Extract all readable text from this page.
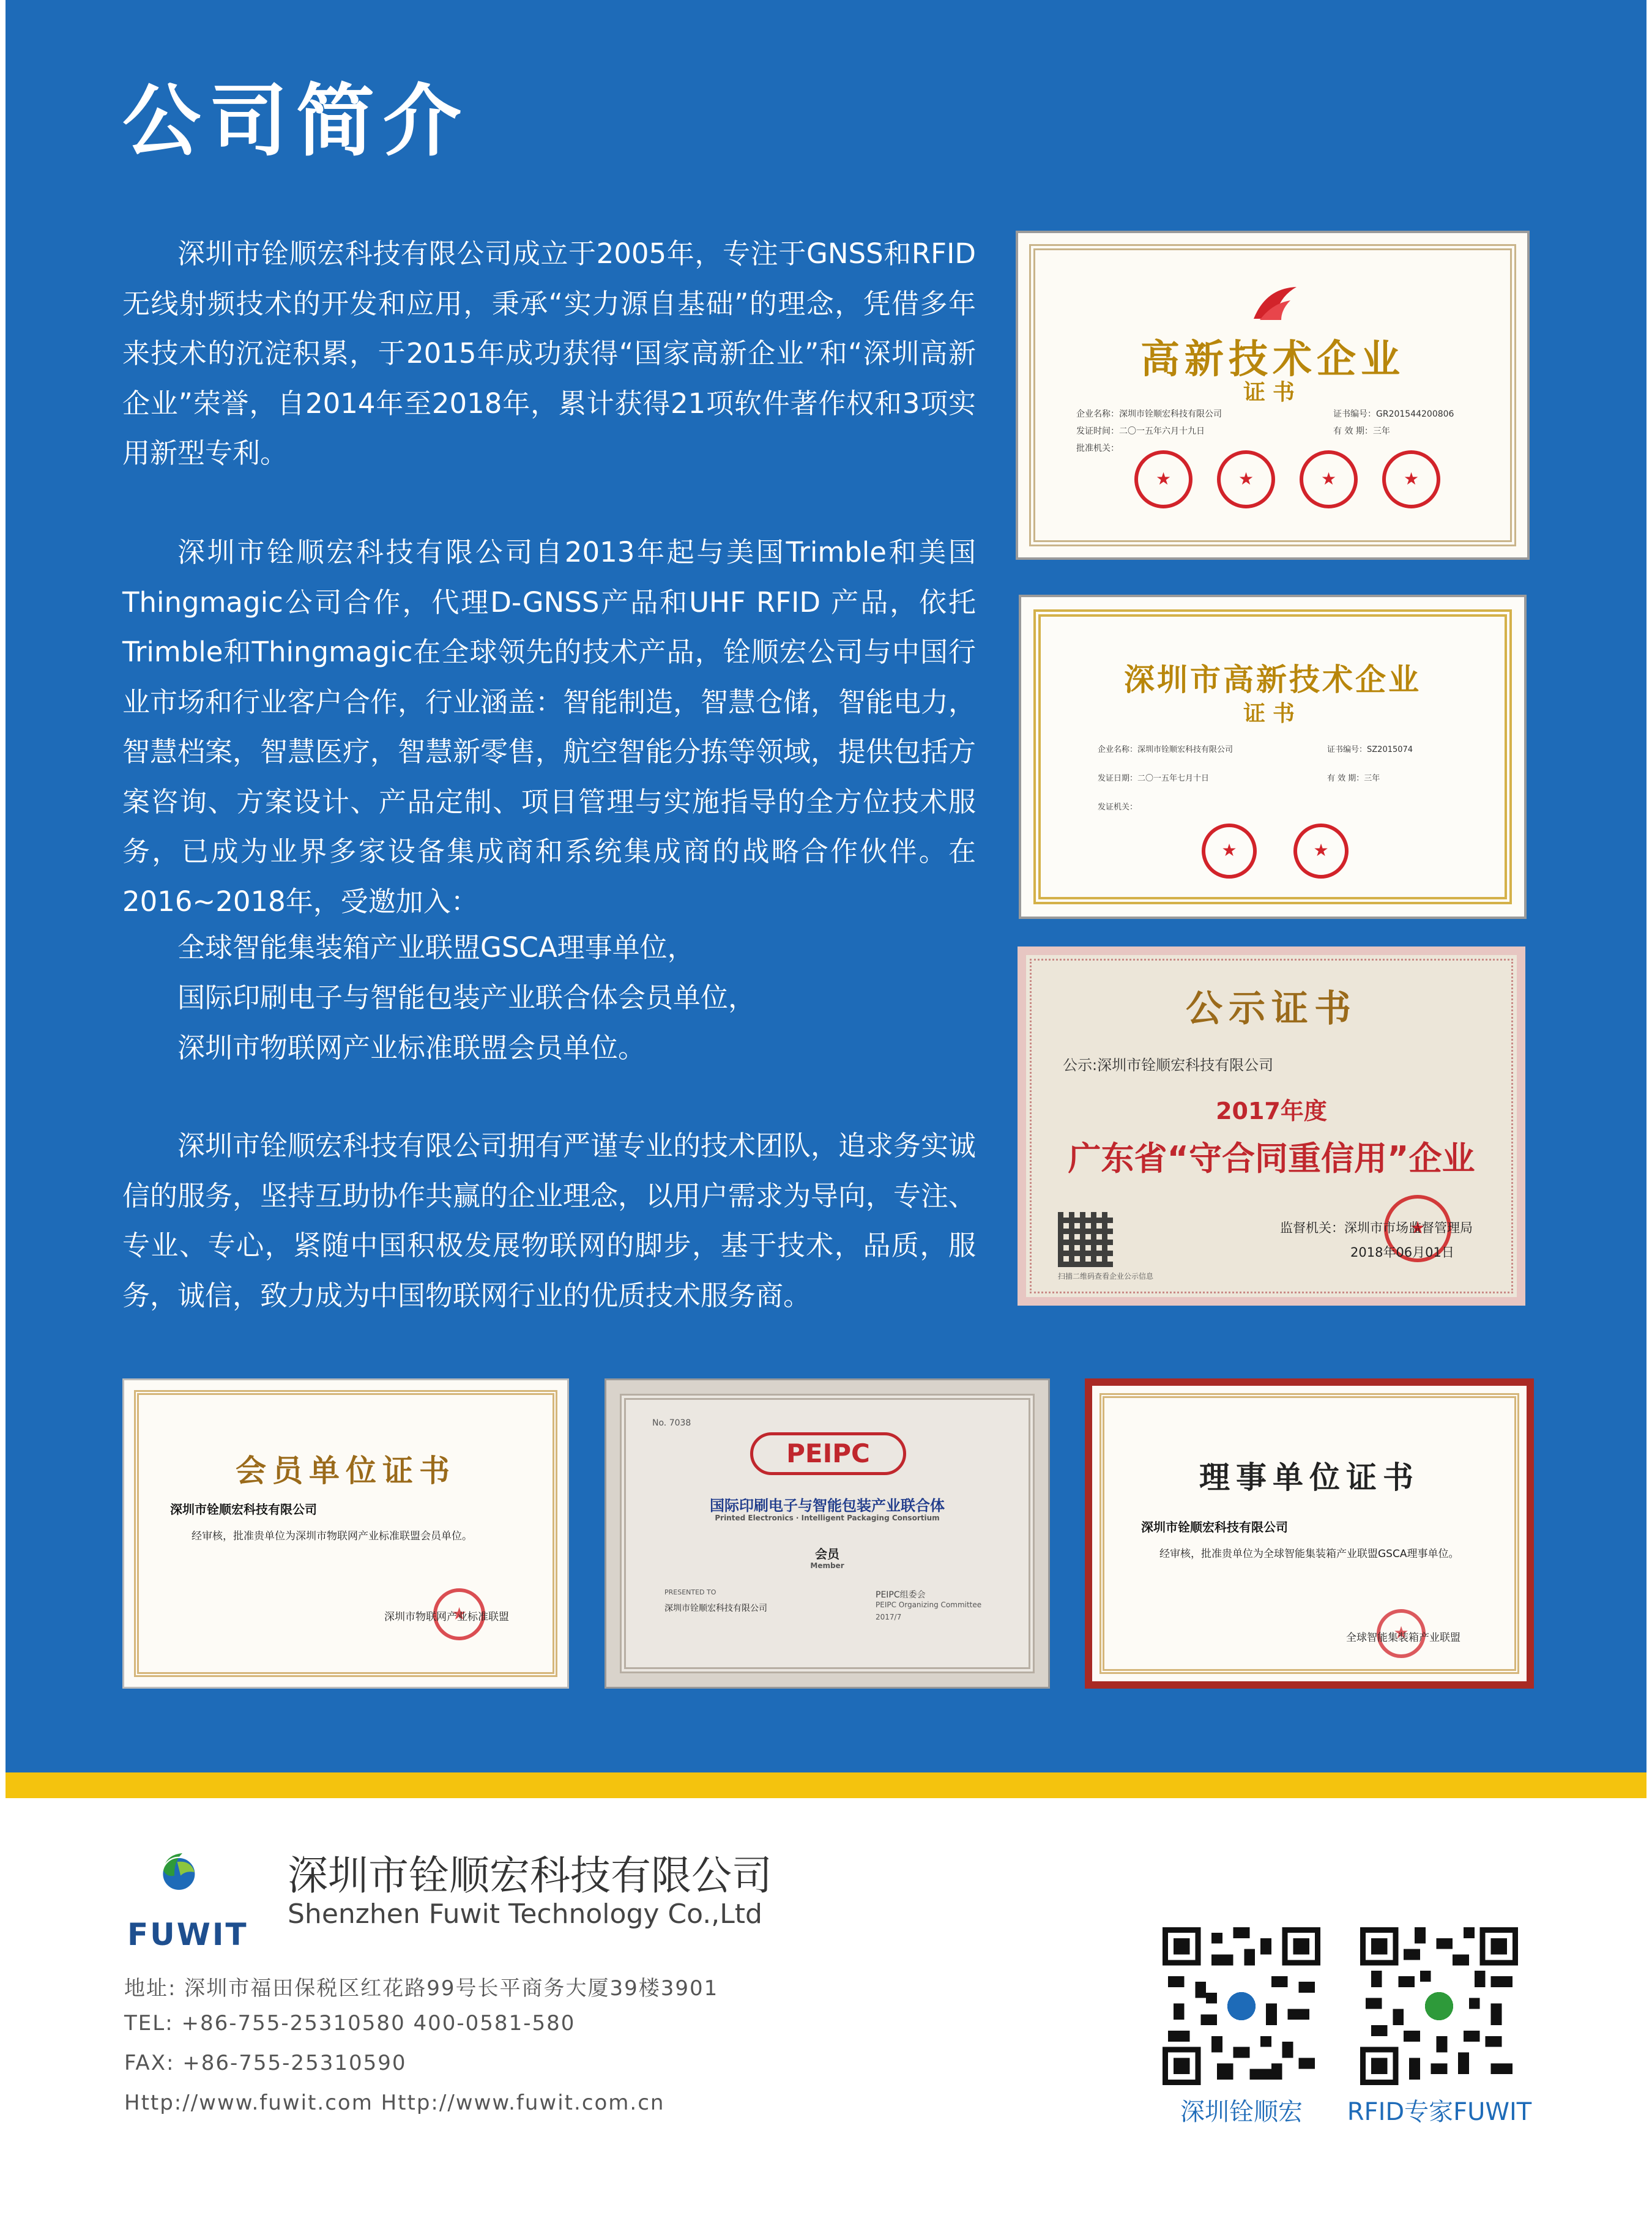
公司简介

深圳市铨顺宏科技有限公司成立于2005年，专注于GNSS和RFID无线射频技术的开发和应用，秉承“实力源自基础”的理念，凭借多年来技术的沉淀积累，于2015年成功获得“国家高新企业”和“深圳高新企业”荣誉，自2014年至2018年，累计获得21项软件著作权和3项实用新型专利。

深圳市铨顺宏科技有限公司自2013年起与美国Trimble和美国Thingmagic公司合作，代理D-GNSS产品和UHF RFID 产品，依托Trimble和Thingmagic在全球领先的技术产品，铨顺宏公司与中国行业市场和行业客户合作，行业涵盖：智能制造，智慧仓储，智能电力，智慧档案，智慧医疗，智慧新零售，航空智能分拣等领域，提供包括方案咨询、方案设计、产品定制、项目管理与实施指导的全方位技术服务，已成为业界多家设备集成商和系统集成商的战略合作伙伴。在2016~2018年，受邀加入：

全球智能集装箱产业联盟GSCA理事单位，
国际印刷电子与智能包装产业联合体会员单位，
深圳市物联网产业标准联盟会员单位。

深圳市铨顺宏科技有限公司拥有严谨专业的技术团队，追求务实诚信的服务，坚持互助协作共赢的企业理念，以用户需求为导向，专注、专业、专心，紧随中国积极发展物联网的脚步，基于技术，品质，服务，诚信，致力成为中国物联网行业的优质技术服务商。

高新技术企业
证书
企业名称：深圳市铨顺宏科技有限公司	证书编号：GR201544200806
发证时间：二〇一五年六月十九日	有 效 期：三年
批准机关：
★
★
★
★
深圳市高新技术企业
证书
企业名称：深圳市铨顺宏科技有限公司	证书编号：SZ2015074
发证日期：二〇一五年七月十日	有 效 期：三年
发证机关：
★
★
公示证书
公示:深圳市铨顺宏科技有限公司
2017年度
广东省“守合同重信用”企业
★
监督机关：深圳市市场监督管理局
2018年06月01日
扫描二维码查看企业公示信息
会员单位证书
深圳市铨顺宏科技有限公司
经审核，批准贵单位为深圳市物联网产业标准联盟会员单位。
★
深圳市物联网产业标准联盟
No. 7038
PEIPC
国际印刷电子与智能包装产业联合体
Printed Electronics · Intelligent Packaging Consortium
会员
Member
PRESENTED TO
深圳市铨顺宏科技有限公司
PEIPC组委会
PEIPC Organizing Committee
2017/7
理事单位证书
深圳市铨顺宏科技有限公司
经审核，批准贵单位为全球智能集装箱产业联盟GSCA理事单位。
★
全球智能集装箱产业联盟
FUWIT
深圳市铨顺宏科技有限公司
Shenzhen Fuwit Technology Co.,Ltd
地址: 深圳市福田保税区红花路99号长平商务大厦39楼3901
TEL: +86-755-25310580 400-0581-580
FAX: +86-755-25310590
Http://www.fuwit.com Http://www.fuwit.com.cn	深圳铨顺宏	RFID专家FUWIT
